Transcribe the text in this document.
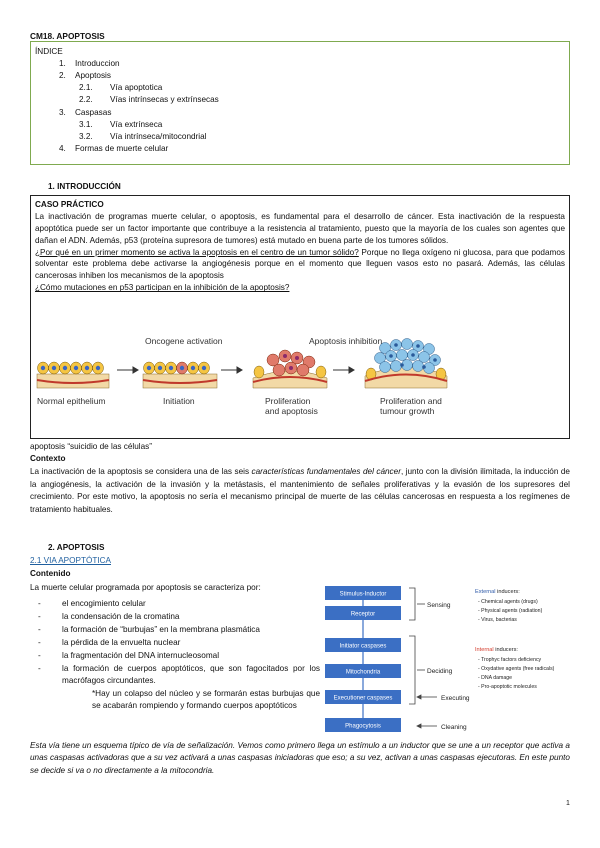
CM18. APOPTOSIS
ÍNDICE
1. Introduccion
2. Apoptosis
2.1. Vía apoptotica
2.2. Vías intrínsecas y extrínsecas
3. Caspasas
3.1. Vía extrínseca
3.2. Vía intrínseca/mitocondrial
4. Formas de muerte celular
1. INTRODUCCIÓN
CASO PRÁCTICO
La inactivación de programas muerte celular, o apoptosis, es fundamental para el desarrollo de cáncer. Esta inactivación de la respuesta apoptótica puede ser un factor importante que contribuye a la resistencia al tratamiento, puesto que la mayoría de los cuales son agentes que dañan el ADN. Además, p53 (proteína supresora de tumores) está mutado en buena parte de los tumores sólidos.
¿Por qué en un primer momento se activa la apoptosis en el centro de un tumor sólido? Porque no llega oxígeno ni glucosa, para que podamos solventar este problema debe activarse la angiogénesis porque en el momento que lleguen vasos esto no pasará. Además, las células cancerosas inhiben los mecanismos de la apoptosis
¿Cómo mutaciones en p53 participan en la inhibición de la apoptosis?
Oncogene activation	Apoptosis inhibition
Normal epithelium	Initiation	Proliferation and apoptosis
Proliferation and tumour growth
apoptosis “suicidio de las células”
Contexto
La inactivación de la apoptosis se considera una de las seis características fundamentales del cáncer, junto con la división ilimitada, la inducción de la angiogénesis, la activación de la invasión y la metástasis, el mantenimiento de señales proliferativas y la evasión de los supresores del crecimiento. Por este motivo, la apoptosis no sería el mecanismo principal de muerte de las células cancerosas en respuesta a los regímenes de tratamiento habituales.
2. APOPTOSIS
2.1 VIA APOPTÓTICA
Contenido
La muerte celular programada por apoptosis se caracteriza por:
-	el encogimiento celular
-	la condensación de la cromatina
-	la formación de “burbujas” en la membrana plasmática
-	la pérdida de la envuelta nuclear
-	la fragmentación del DNA internucleosomal
-	la formación de cuerpos apoptóticos, que son fagocitados por los macrófagos circundantes.
*Hay un colapso del núcleo y se formarán estas burbujas que se acabarán rompiendo y formando cuerpos apoptóticos
Stimulus-Inductor
Receptor
Initiator caspases
Mitochondria
Executioner caspases
Phagocytosis
Sensing
Deciding
Executing
Cleaning
External inducers:
- Chemical agents (drugs)
- Physical agents (radiation)
- Virus, bacterias
Internal inducers:
- Trophyc factors deficiency
- Oxydative agents (free radicals)
- DNA damage
- Pro-apoptotic molecules
Esta vía tiene un esquema típico de vía de señalización. Vemos como primero llega un estímulo a un inductor que se une a un receptor que activa a unas caspasas activadoras que a su vez activará a unas caspasas iniciadoras que eso; a su vez, activan a unas caspasas ejecutoras. En este punto se decide si va o no directamente a la mitocondria.
1
